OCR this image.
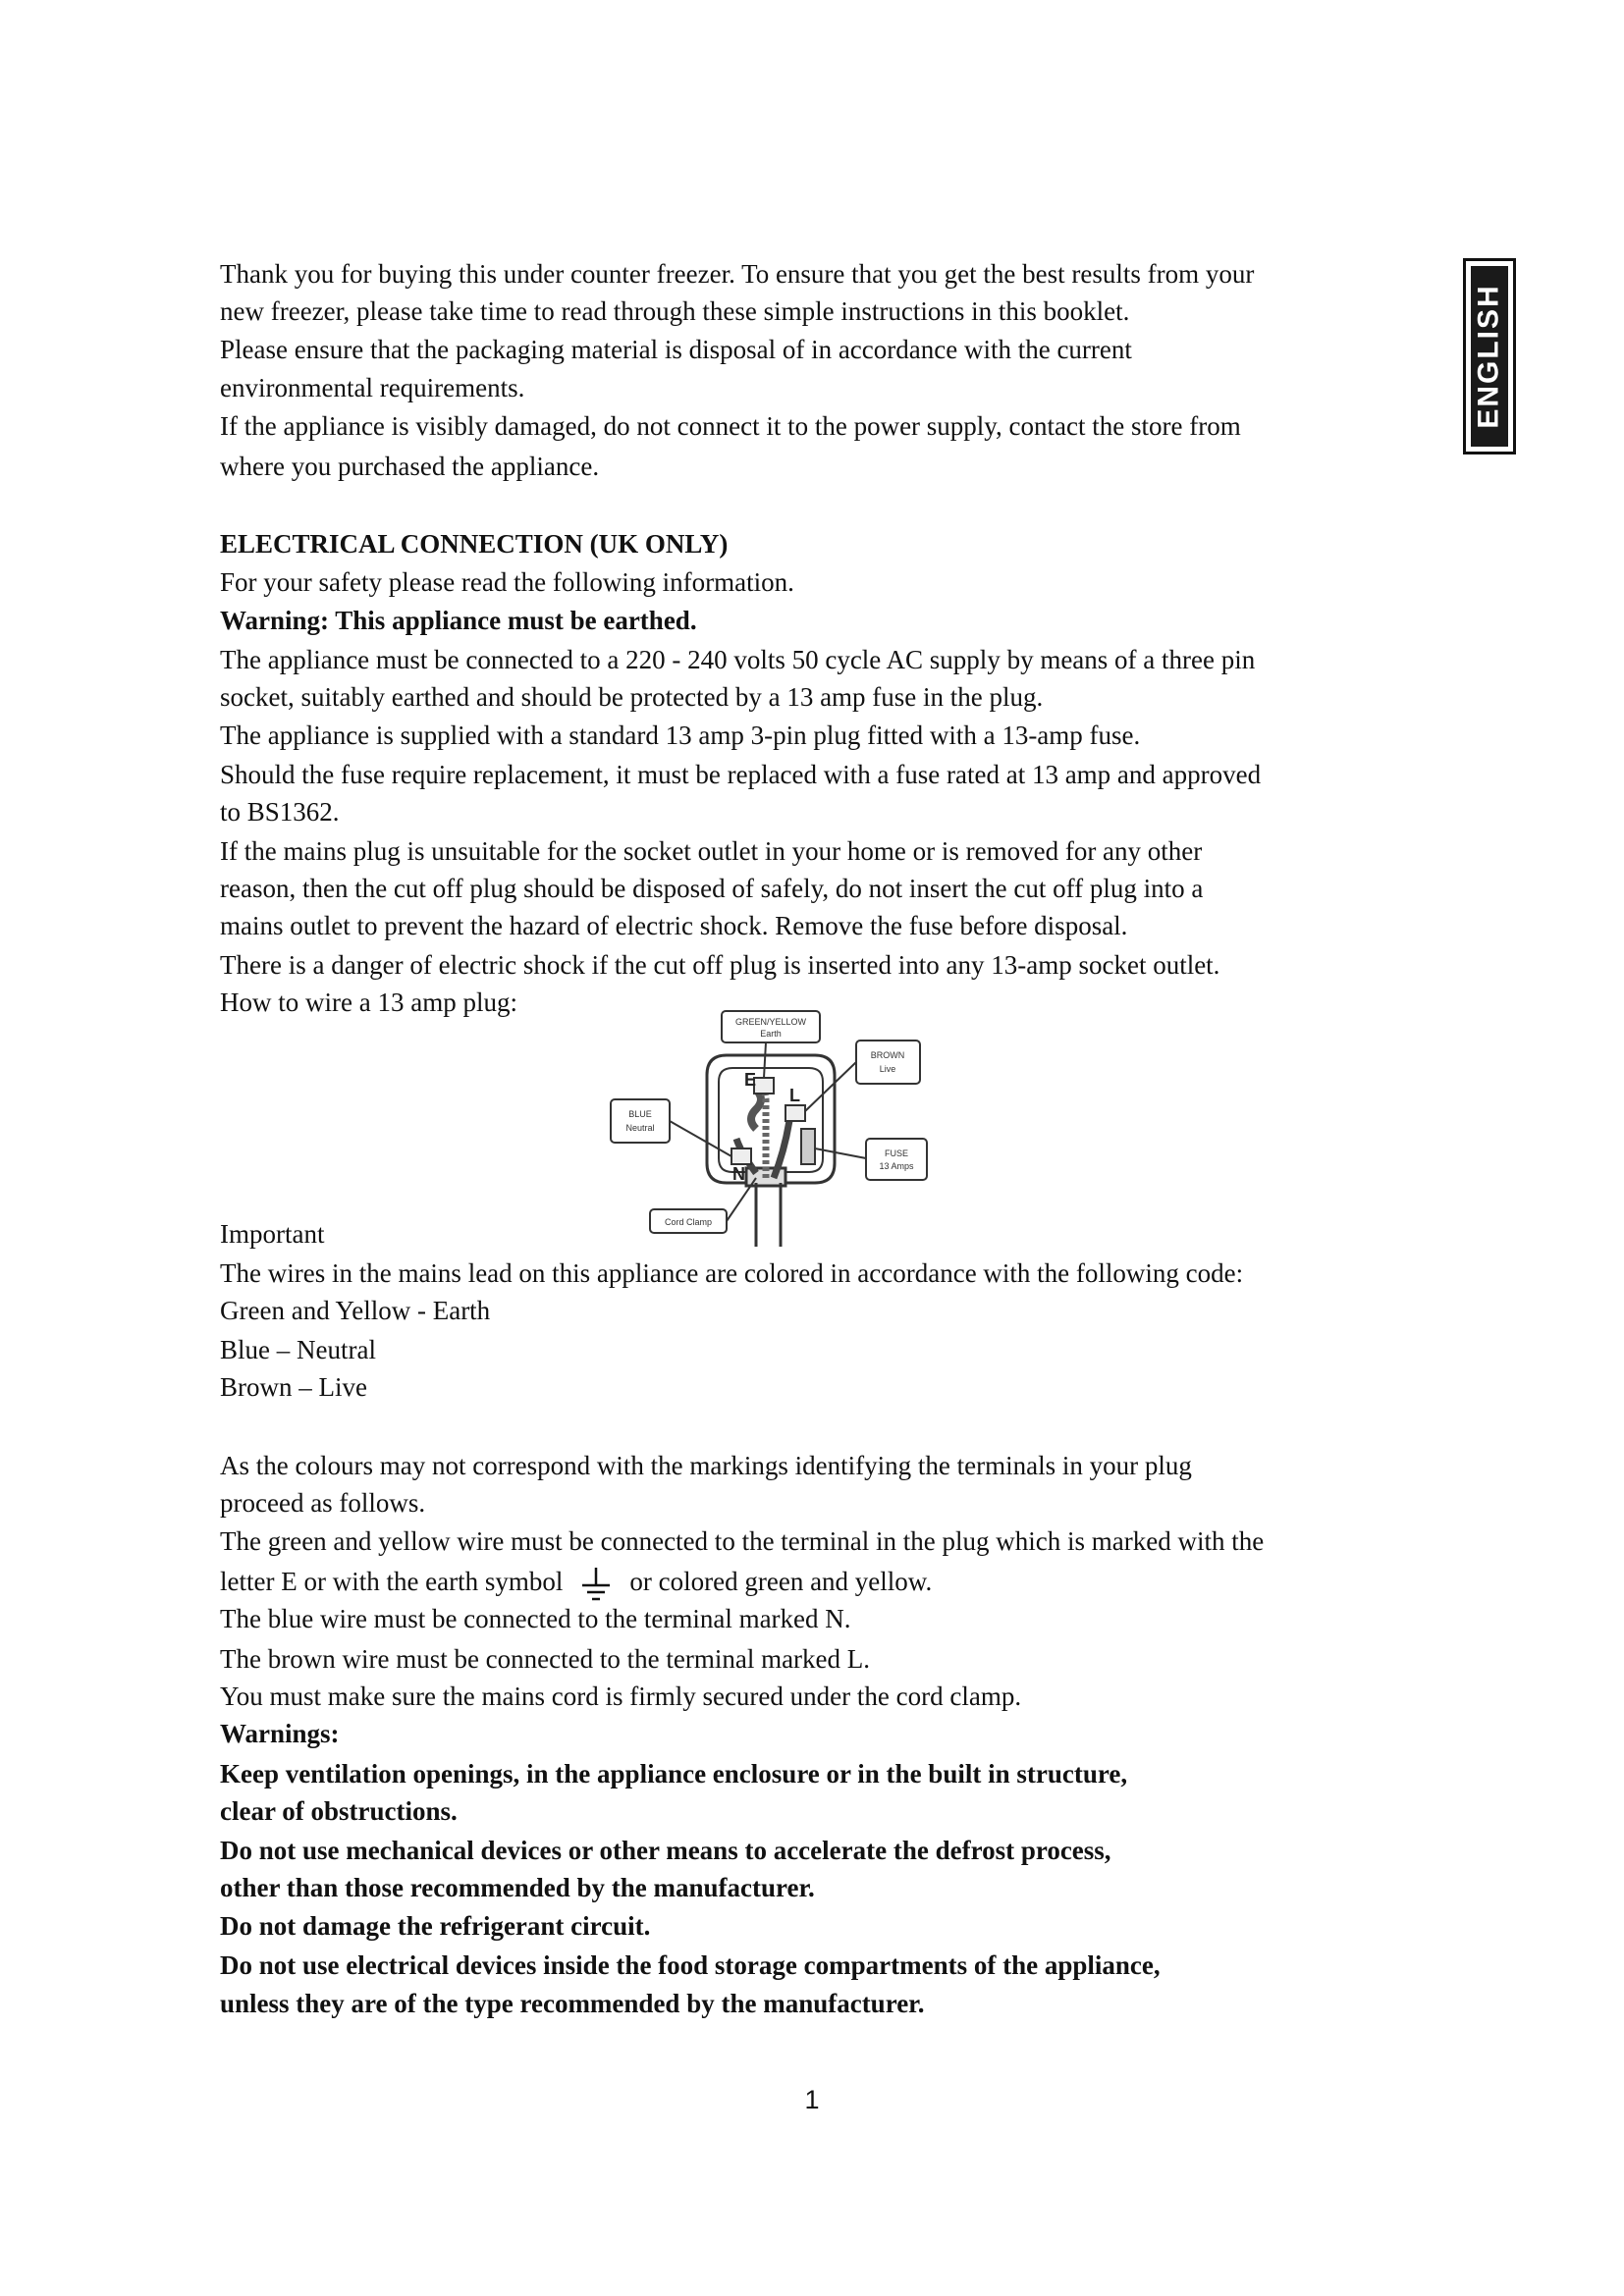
ENGLISH

Thank you for buying this under counter freezer. To ensure that you get the best results from your

new freezer, please take time to read through these simple instructions in this booklet.

Please ensure that the packaging material is disposal of in accordance with the current

environmental requirements.

If the appliance is visibly damaged, do not connect it to the power supply, contact the store from

where you purchased the appliance.

ELECTRICAL CONNECTION (UK ONLY)

For your safety please read the following information.

Warning: This appliance must be earthed.

The appliance must be connected to a 220 - 240 volts 50 cycle AC supply by means of a three pin

socket, suitably earthed and should be protected by a 13 amp fuse in the plug.

The appliance is supplied with a standard 13 amp 3-pin plug fitted with a 13-amp fuse.

Should the fuse require replacement, it must be replaced with a fuse rated at 13 amp and approved

to BS1362.

If the mains plug is unsuitable for the socket outlet in your home or is removed for any other

reason, then the cut off plug should be disposed of safely, do not insert the cut off plug into a

mains outlet to prevent the hazard of electric shock. Remove the fuse before disposal.

There is a danger of electric shock if the cut off plug is inserted into any 13-amp socket outlet.

How to wire a 13 amp plug:

E
L
N
GREEN/YELLOW
Earth
BROWN
Live
BLUE
Neutral
FUSE
13 Amps
Cord Clamp

Important

The wires in the mains lead on this appliance are colored in accordance with the following code:

Green and Yellow - Earth

Blue – Neutral

Brown – Live

As the colours may not correspond with the markings identifying the terminals in your plug

proceed as follows.

The green and yellow wire must be connected to the terminal in the plug which is marked with the

letter E or with the earth symbol	or colored green and yellow.

The blue wire must be connected to the terminal marked N.

The brown wire must be connected to the terminal marked L.

You must make sure the mains cord is firmly secured under the cord clamp.

Warnings:

Keep ventilation openings, in the appliance enclosure or in the built in structure,

clear of obstructions.

Do not use mechanical devices or other means to accelerate the defrost process,

other than those recommended by the manufacturer.

Do not damage the refrigerant circuit.

Do not use electrical devices inside the food storage compartments of the appliance,

unless they are of the type recommended by the manufacturer.

1
